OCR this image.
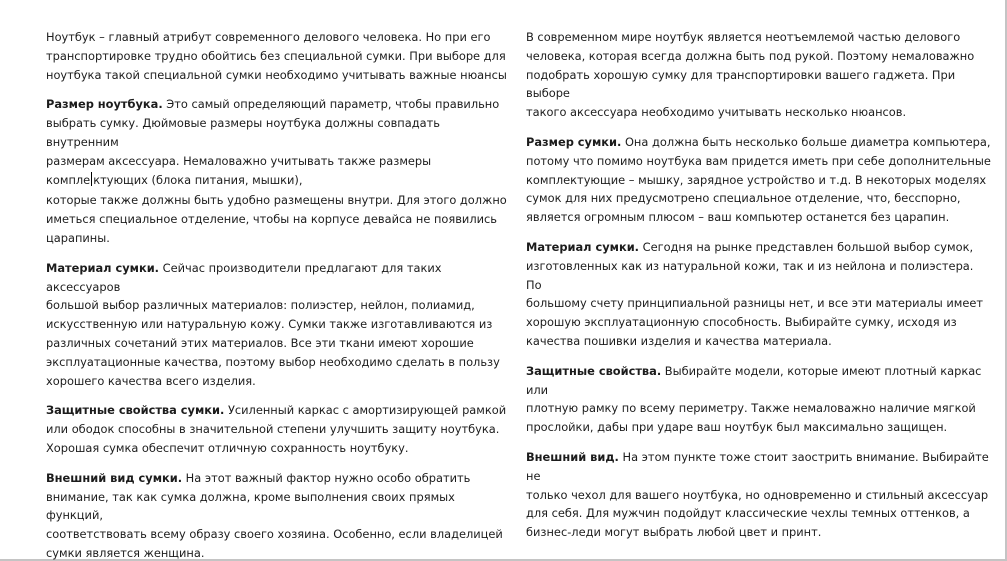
Ноутбук – главный атрибут современного делового человека. Но при его
транспортировке трудно обойтись без специальной сумки. При выборе для
ноутбука такой специальной сумки необходимо учитывать важные нюансы

Размер ноутбука. Это самый определяющий параметр, чтобы правильно
выбрать сумку. Дюймовые размеры ноутбука должны совпадать внутренним
размерам аксессуара. Немаловажно учитывать также размеры
компле ктующих (блока питания, мышки),

которые также должны быть удобно размещены внутри. Для этого должно
иметься специальное отделение, чтобы на корпусе девайса не появились
царапины.

Материал сумки. Сейчас производители предлагают для таких аксессуаров
большой выбор различных материалов: полиэстер, нейлон, полиамид,
искусственную или натуральную кожу. Сумки также изготавливаются из
различных сочетаний этих материалов. Все эти ткани имеют хорошие
эксплуатационные качества, поэтому выбор необходимо сделать в пользу
хорошего качества всего изделия.

Защитные свойства сумки. Усиленный каркас с амортизирующей рамкой
или ободок способны в значительной степени улучшить защиту ноутбука.
Хорошая сумка обеспечит отличную сохранность ноутбуку.

Внешний вид сумки. На этот важный фактор нужно особо обратить
внимание, так как сумка должна, кроме выполнения своих прямых функций,
соответствовать всему образу своего хозяина. Особенно, если владелицей
сумки является женщина.

В современном мире ноутбук является неотъемлемой частью делового
человека, которая всегда должна быть под рукой. Поэтому немаловажно
подобрать хорошую сумку для транспортировки вашего гаджета. При выборе
такого аксессуара необходимо учитывать несколько нюансов.

Размер сумки. Она должна быть несколько больше диаметра компьютера,
потому что помимо ноутбука вам придется иметь при себе дополнительные
комплектующие – мышку, зарядное устройство и т.д. В некоторых моделях
сумок для них предусмотрено специальное отделение, что, бесспорно,
является огромным плюсом – ваш компьютер останется без царапин.

Материал сумки. Сегодня на рынке представлен большой выбор сумок,
изготовленных как из натуральной кожи, так и из нейлона и полиэстера. По
большому счету принципиальной разницы нет, и все эти материалы имеет
хорошую эксплуатационную способность. Выбирайте сумку, исходя из
качества пошивки изделия и качества материала.

Защитные свойства. Выбирайте модели, которые имеют плотный каркас или
плотную рамку по всему периметру. Также немаловажно наличие мягкой
прослойки, дабы при ударе ваш ноутбук был максимально защищен.

Внешний вид. На этом пункте тоже стоит заострить внимание. Выбирайте не
только чехол для вашего ноутбука, но одновременно и стильный аксессуар
для себя. Для мужчин подойдут классические чехлы темных оттенков, а
бизнес-леди могут выбрать любой цвет и принт.
